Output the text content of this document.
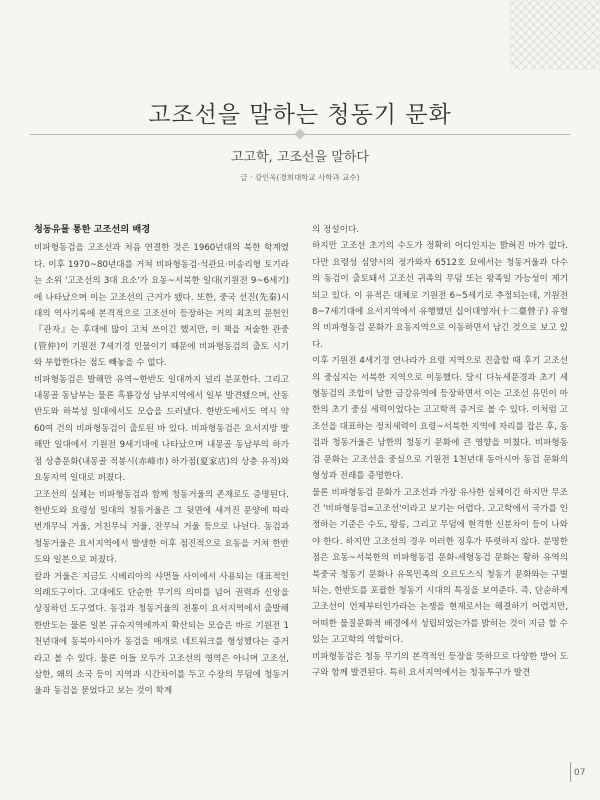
고조선을 말하는 청동기 문화
고고학, 고조선을 말하다
글 · 강인욱(경희대학교 사학과 교수)
청동유물 통한 고조선의 배경

비파형동검을 고조선과 처음 연결한 것은 1960년대의 북한 학계였다. 이후 1970~80년대를 거쳐 비파형동검·석관묘·미송리형 토기라는 소위 '고조선의 3대 요소'가 요동~서북한 일대(기원전 9~6세기)에 나타났으며 이는 고조선의 근거가 됐다. 또한, 중국 선진(先秦)시대의 역사기록에 본격적으로 고조선이 등장하는 거의 최초의 문헌인 『관자』는 후대에 많이 고쳐 쓰이긴 했지만, 이 책을 저술한 관중(管仲)이 기원전 7세기경 인물이기 때문에 비파형동검의 출토 시기와 부합한다는 점도 빼놓을 수 없다.

비파형동검은 발해만 유역~한반도 일대까지 널리 분포한다. 그리고 내몽골 동남부는 물론 흑룡강성 남부지역에서 일부 발견됐으며, 산동반도와 하북성 일대에서도 모습을 드러냈다. 한반도에서도 역시 약 60여 건의 비파형동검이 출토된 바 있다. 비파형동검은 요서지방 발해만 일대에서 기원전 9세기대에 나타났으며 내몽골 동남부의 하가점 상층문화(내몽골 적봉시(赤峰市) 하가점(夏家店)의 상층 유적)와 요동지역 일대로 퍼졌다.

고조선의 실체는 비파형동검과 함께 청동거울의 존재로도 증명된다. 한반도와 요령성 일대의 청동거울은 그 뒷면에 새겨진 문양에 따라 번개무늬 거울, 거친무늬 거울, 잔무늬 거울 등으로 나뉜다. 동검과 청동거울은 요서지역에서 발생한 이후 점진적으로 요동을 거쳐 한반도와 일본으로 퍼졌다.

칼과 거울은 지금도 시베리아의 샤먼들 사이에서 사용되는 대표적인 의례도구이다. 고대에도 단순한 무기의 의미를 넘어 권력과 신앙을 상징하던 도구였다. 동검과 청동거울의 전통이 요서지역에서 출발해 한반도는 물론 일본 규슈지역에까지 확산되는 모습은 바로 기원전 1천년대에 동북아시아가 동검을 매개로 네트워크를 형성했다는 증거라고 볼 수 있다. 물론 이들 모두가 고조선의 영역은 아니며 고조선, 삼한, 왜의 소국 등이 지역과 시간차이를 두고 수장의 무덤에 청동거울과 동검을 묻었다고 보는 것이 학계

의 정설이다.

하지만 고조선 초기의 수도가 정확히 어디인지는 밝혀진 바가 없다. 다만 요령성 심양시의 정가와자 6512호 묘에서는 청동거울과 다수의 동검이 출토돼서 고조선 귀족의 무덤 또는 왕족일 가능성이 제기되고 있다. 이 유적은 대체로 기원전 6~5세기로 추정되는데, 기원전 8~7세기대에 요서지역에서 유행했던 십이대영자(十二臺營子) 유형의 비파형동검 문화가 요동지역으로 이동하면서 남긴 것으로 보고 있다.

이후 기원전 4세기경 연나라가 요령 지역으로 진출할 때 후기 고조선의 중심지는 서북한 지역으로 이동했다. 당시 다뉴세문경과 초기 세형동검의 조합이 남한 금강유역에 등장하면서 이는 고조선 유민이 마한의 초기 중심 세력이었다는 고고학적 증거로 볼 수 있다. 이처럼 고조선을 대표하는 정치세력이 요령~서북한 지역에 자리를 잡은 후, 동검과 청동거울은 남한의 청동기 문화에 큰 영향을 미쳤다. 비파형동검 문화는 고조선을 중심으로 기원전 1천년대 동아시아 동검 문화의 형성과 전래를 증명한다.

물론 비파형동검 문화가 고조선과 가장 유사한 실체이긴 하지만 무조건 '비파형동검=고조선'이라고 보기는 어렵다. 고고학에서 국가를 인정하는 기준은 수도, 왕릉, 그리고 무덤에 현격한 신분차이 등이 나와야 한다. 하지만 고조선의 경우 이러한 징후가 뚜렷하지 않다. 분명한 점은 요동~서북한의 비파형동검 문화-세형동검 문화는 황하 유역의 북중국 청동기 문화나 유목민족의 오르도스식 청동기 문화와는 구별되는, 한반도를 포괄한 청동기 시대의 특징을 보여준다. 즉, 단순하게 고조선이 언제부터인가라는 논쟁을 현재로서는 해결하기 어렵지만, 어떠한 물질문화적 배경에서 성립되었는가를 밝히는 것이 지금 할 수 있는 고고학의 역할이다.

비파형동검은 청동 무기의 본격적인 등장을 뜻하므로 다양한 방어 도구와 함께 발견된다. 특히 요서지역에서는 청동투구가 발견

07
